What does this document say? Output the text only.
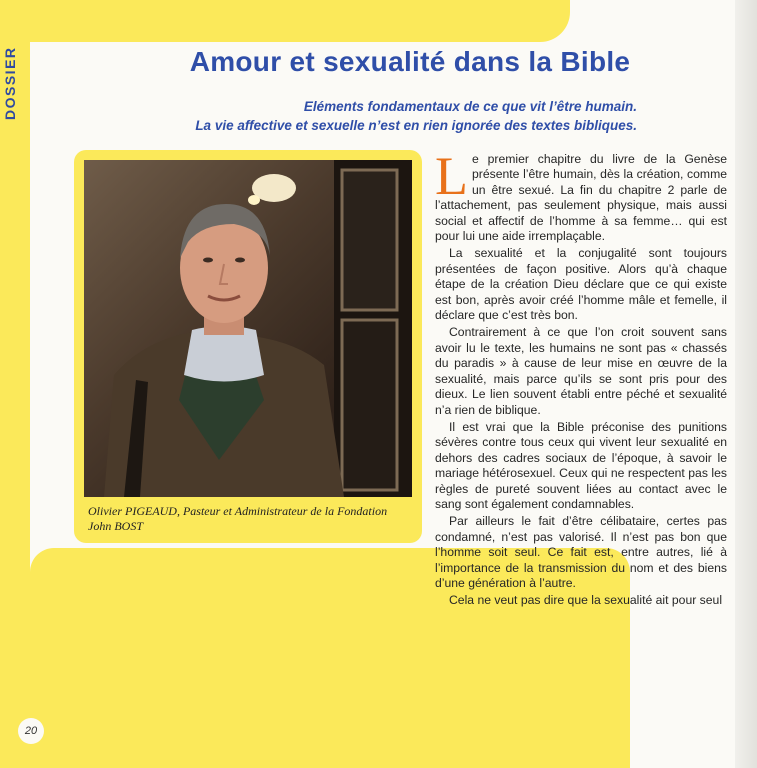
DOSSIER	Amour et sexualité dans la Bible

Eléments fondamentaux de ce que vit l’être humain.
La vie affective et sexuelle n’est en rien ignorée des textes bibliques.

Olivier PIGEAUD, Pasteur et Administrateur de la Fondation John BOST

Le premier chapitre du livre de la Genèse présente l’être humain, dès la création, comme un être sexué. La fin du chapitre 2 parle de l’attachement, pas seulement physique, mais aussi social et affectif de l’homme à sa femme… qui est pour lui une aide irremplaçable.

La sexualité et la conjugalité sont toujours présentées de façon positive. Alors qu’à chaque étape de la création Dieu déclare que ce qui existe est bon, après avoir créé l’homme mâle et femelle, il déclare que c’est très bon.

Contrairement à ce que l’on croit souvent sans avoir lu le texte, les humains ne sont pas « chassés du paradis » à cause de leur mise en œuvre de la sexualité, mais parce qu’ils se sont pris pour des dieux. Le lien souvent établi entre péché et sexualité n’a rien de biblique.

Il est vrai que la Bible préconise des punitions sévères contre tous ceux qui vivent leur sexualité en dehors des cadres sociaux de l’époque, à savoir le mariage hétérosexuel. Ceux qui ne respectent pas les règles de pureté souvent liées au contact avec le sang sont également condamnables.

Par ailleurs le fait d’être célibataire, certes pas condamné, n’est pas valorisé. Il n’est pas bon que l’homme soit seul. Ce fait est, entre autres, lié à l’importance de la transmission du nom et des biens d’une génération à l’autre.

Cela ne veut pas dire que la sexualité ait pour seul

20
